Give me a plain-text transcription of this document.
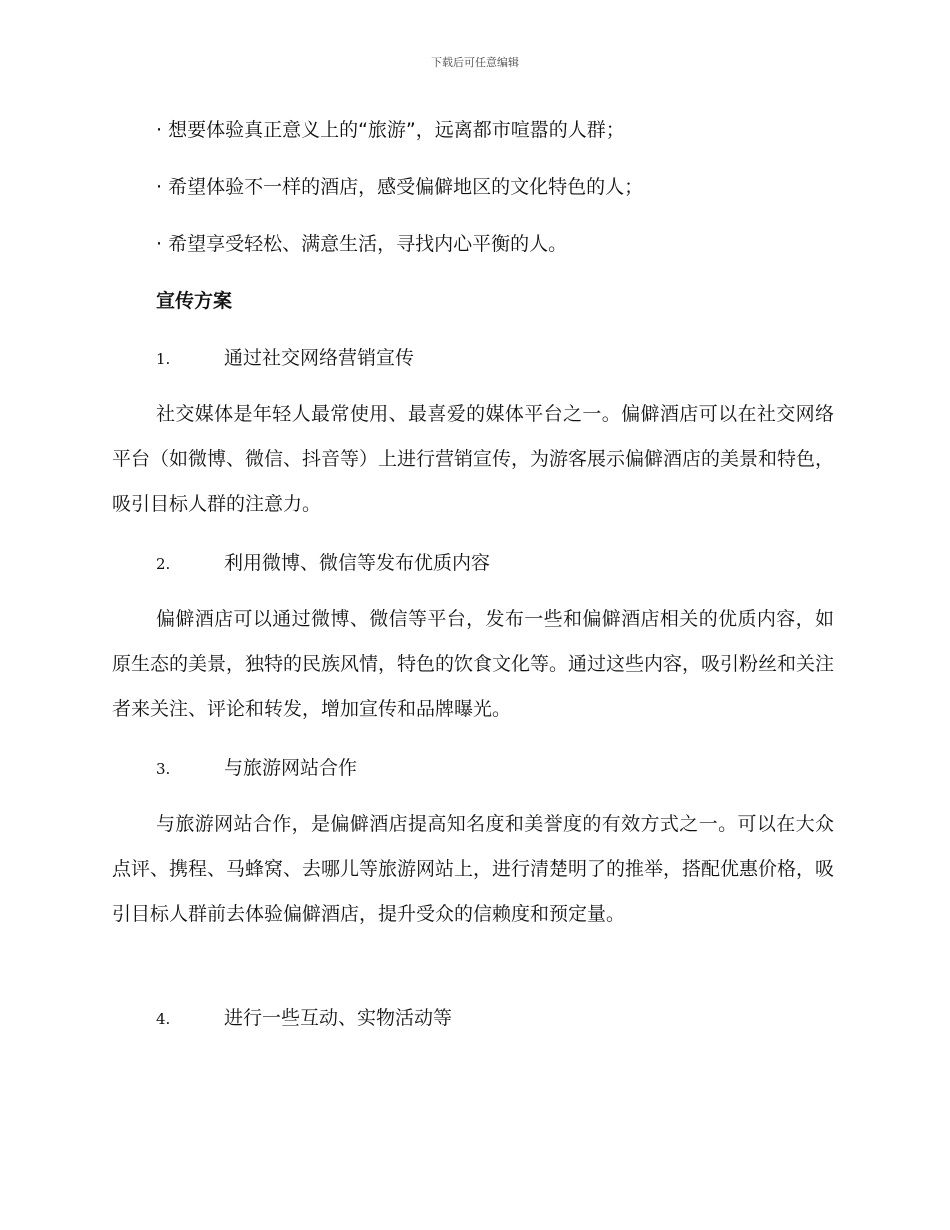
下载后可任意编辑
· 想要体验真正意义上的“旅游”，远离都市喧嚣的人群；
· 希望体验不一样的酒店，感受偏僻地区的文化特色的人；
· 希望享受轻松、满意生活，寻找内心平衡的人。
宣传方案
1.	通过社交网络营销宣传
社交媒体是年轻人最常使用、最喜爱的媒体平台之一。偏僻酒店可以在社交网络平台（如微博、微信、抖音等）上进行营销宣传，为游客展示偏僻酒店的美景和特色，吸引目标人群的注意力。
2.	利用微博、微信等发布优质内容
偏僻酒店可以通过微博、微信等平台，发布一些和偏僻酒店相关的优质内容，如原生态的美景，独特的民族风情，特色的饮食文化等。通过这些内容，吸引粉丝和关注者来关注、评论和转发，增加宣传和品牌曝光。
3.	与旅游网站合作
与旅游网站合作，是偏僻酒店提高知名度和美誉度的有效方式之一。可以在大众点评、携程、马蜂窝、去哪儿等旅游网站上，进行清楚明了的推举，搭配优惠价格，吸引目标人群前去体验偏僻酒店，提升受众的信赖度和预定量。
4.	进行一些互动、实物活动等
